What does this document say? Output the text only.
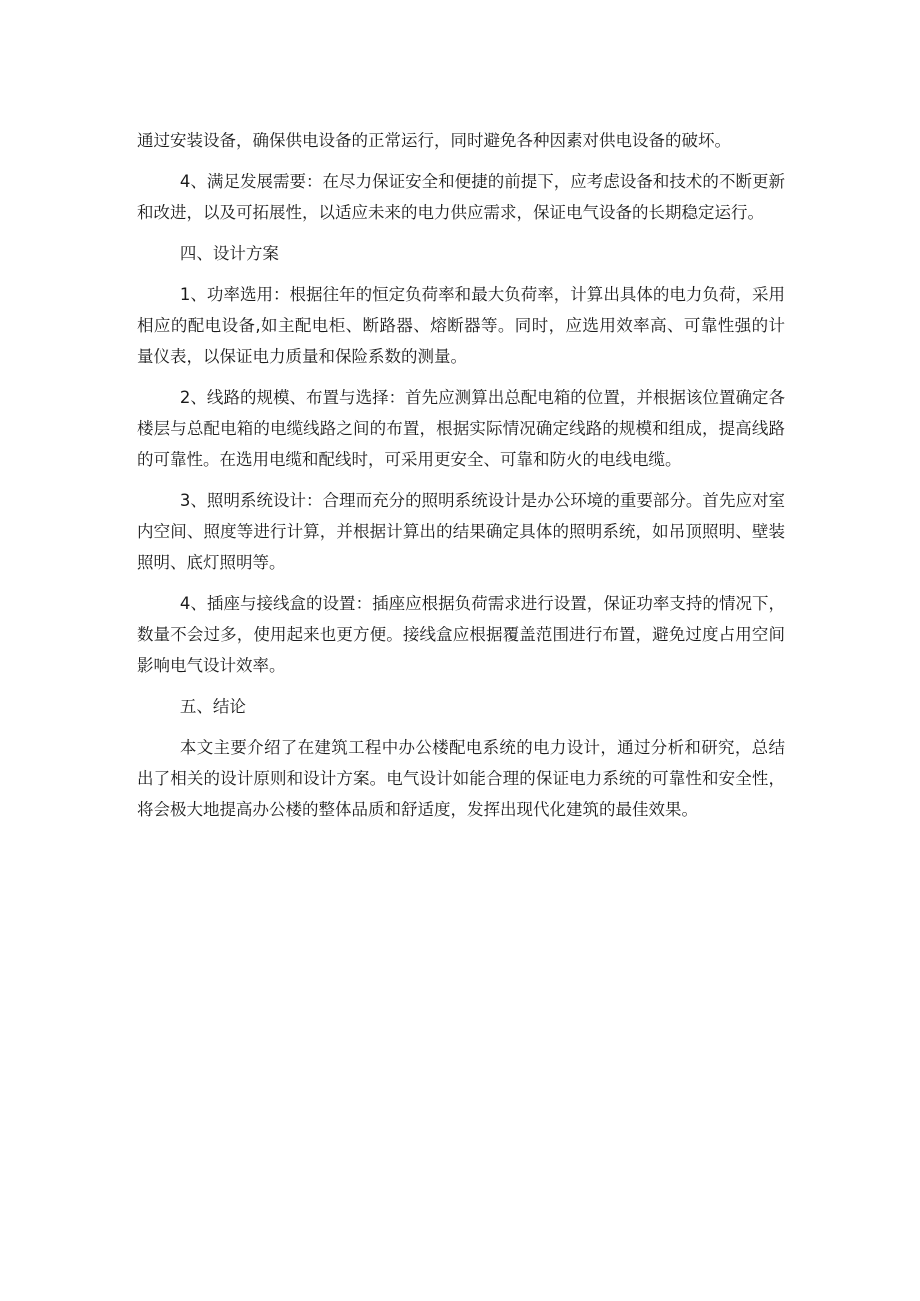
通过安装设备，确保供电设备的正常运行，同时避免各种因素对供电设备的破坏。

4、满足发展需要：在尽力保证安全和便捷的前提下，应考虑设备和技术的不断更新和改进，以及可拓展性，以适应未来的电力供应需求，保证电气设备的长期稳定运行。

四、设计方案

1、功率选用：根据往年的恒定负荷率和最大负荷率，计算出具体的电力负荷，采用相应的配电设备,如主配电柜、断路器、熔断器等。同时，应选用效率高、可靠性强的计量仪表，以保证电力质量和保险系数的测量。

2、线路的规模、布置与选择：首先应测算出总配电箱的位置，并根据该位置确定各楼层与总配电箱的电缆线路之间的布置，根据实际情况确定线路的规模和组成，提高线路的可靠性。在选用电缆和配线时，可采用更安全、可靠和防火的电线电缆。

3、照明系统设计：合理而充分的照明系统设计是办公环境的重要部分。首先应对室内空间、照度等进行计算，并根据计算出的结果确定具体的照明系统，如吊顶照明、壁装照明、底灯照明等。

4、插座与接线盒的设置：插座应根据负荷需求进行设置，保证功率支持的情况下，数量不会过多，使用起来也更方便。接线盒应根据覆盖范围进行布置，避免过度占用空间影响电气设计效率。

五、结论

本文主要介绍了在建筑工程中办公楼配电系统的电力设计，通过分析和研究，总结出了相关的设计原则和设计方案。电气设计如能合理的保证电力系统的可靠性和安全性，将会极大地提高办公楼的整体品质和舒适度，发挥出现代化建筑的最佳效果。
